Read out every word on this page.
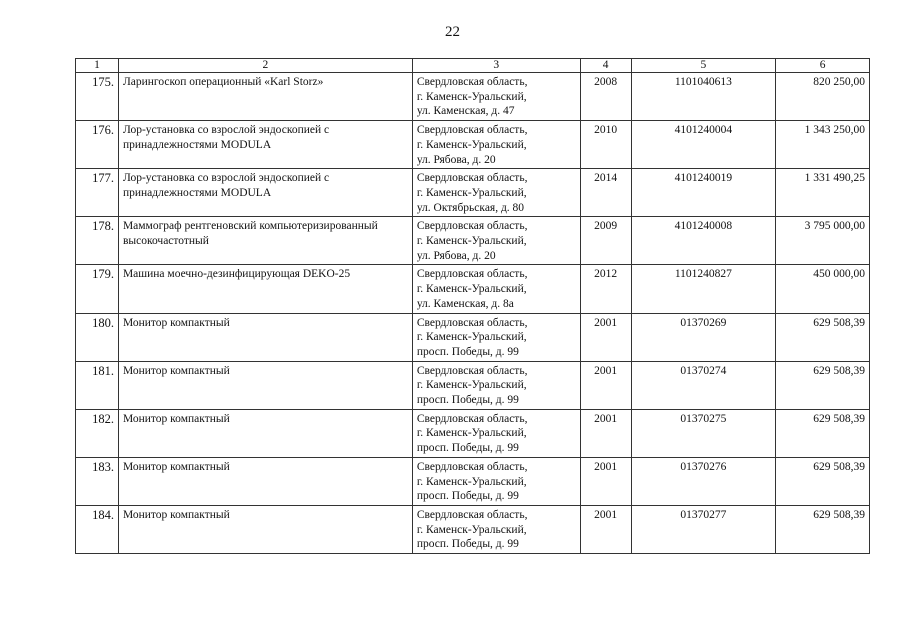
22
1	2	3	4	5	6
175.	Ларингоскоп операционный «Karl Storz»	Свердловская область,
г. Каменск-Уральский,
ул. Каменская, д. 47	2008	1101040613	820 250,00
176.	Лор-установка со взрослой эндоскопией с
принадлежностями MODULA	Свердловская область,
г. Каменск-Уральский,
ул. Рябова, д. 20	2010	4101240004	1 343 250,00
177.	Лор-установка со взрослой эндоскопией с
принадлежностями MODULA	Свердловская область,
г. Каменск-Уральский,
ул. Октябрьская, д. 80	2014	4101240019	1 331 490,25
178.	Маммограф рентгеновский компьютеризированный
высокочастотный	Свердловская область,
г. Каменск-Уральский,
ул. Рябова, д. 20	2009	4101240008	3 795 000,00
179.	Машина моечно-дезинфицирующая DEKO-25	Свердловская область,
г. Каменск-Уральский,
ул. Каменская, д. 8а	2012	1101240827	450 000,00
180.	Монитор компактный	Свердловская область,
г. Каменск-Уральский,
просп. Победы, д. 99	2001	01370269	629 508,39
181.	Монитор компактный	Свердловская область,
г. Каменск-Уральский,
просп. Победы, д. 99	2001	01370274	629 508,39
182.	Монитор компактный	Свердловская область,
г. Каменск-Уральский,
просп. Победы, д. 99	2001	01370275	629 508,39
183.	Монитор компактный	Свердловская область,
г. Каменск-Уральский,
просп. Победы, д. 99	2001	01370276	629 508,39
184.	Монитор компактный	Свердловская область,
г. Каменск-Уральский,
просп. Победы, д. 99	2001	01370277	629 508,39
